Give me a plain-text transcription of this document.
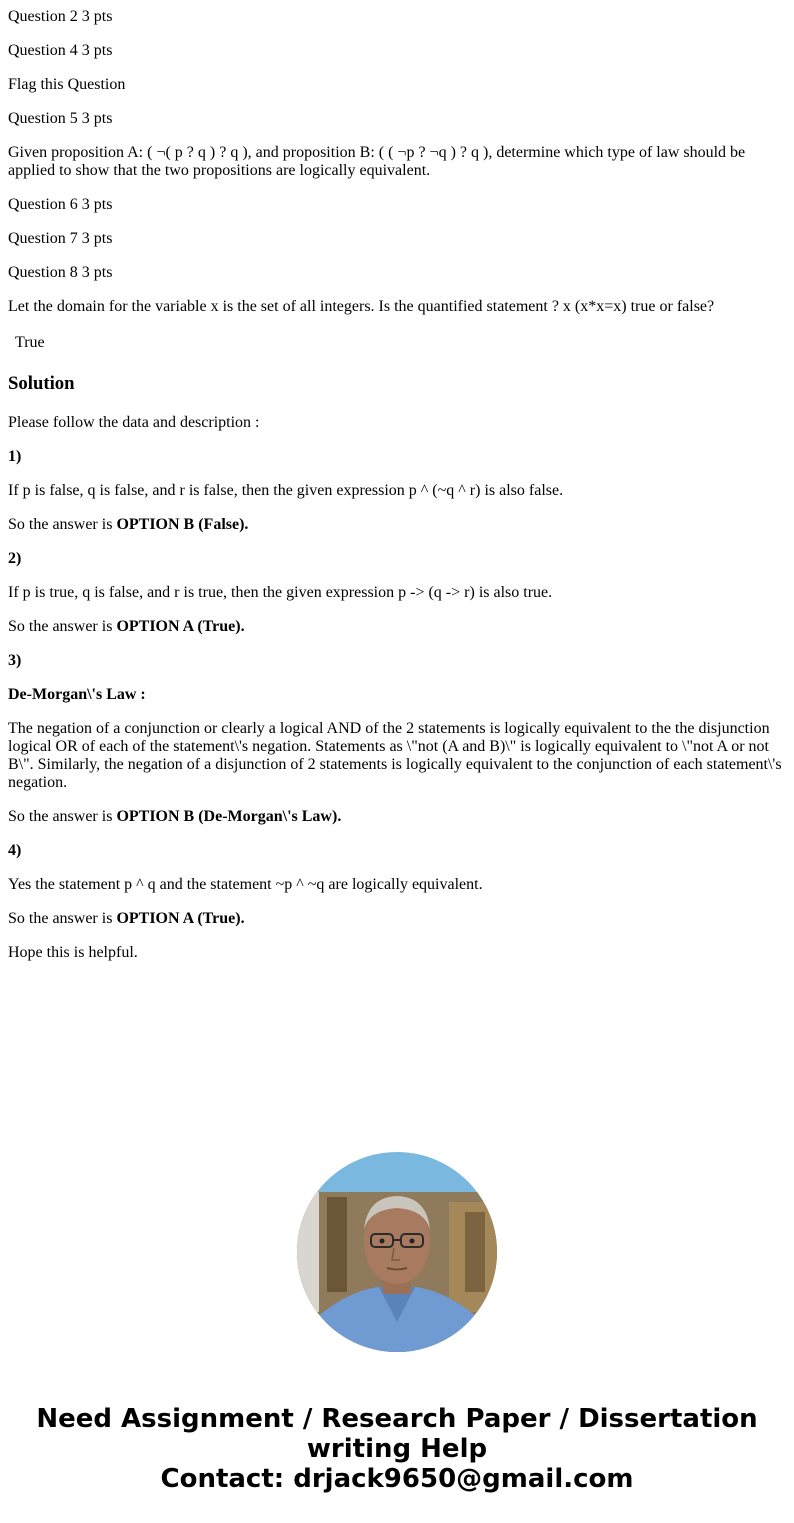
Question 2 3 pts

Question 4 3 pts

Flag this Question

Question 5 3 pts

Given proposition A: ( ¬( p ? q ) ? q ), and proposition B: ( ( ¬p ? ¬q ) ? q ), determine which type of law should be applied to show that the two propositions are logically equivalent.

Question 6 3 pts

Question 7 3 pts

Question 8 3 pts

Let the domain for the variable x is the set of all integers. Is the quantified statement ? x (x*x=x) true or false?

True
Solution

Please follow the data and description :

1)

If p is false, q is false, and r is false, then the given expression p ^ (~q ^ r) is also false.

So the answer is OPTION B (False).

2)

If p is true, q is false, and r is true, then the given expression p -> (q -> r) is also true.

So the answer is OPTION A (True).

3)

De-Morgan\'s Law :

The negation of a conjunction or clearly a logical AND of the 2 statements is logically equivalent to the the disjunction logical OR of each of the statement\'s negation. Statements as \"not (A and B)\" is logically equivalent to \"not A or not B\". Similarly, the negation of a disjunction of 2 statements is logically equivalent to the conjunction of each statement\'s negation.

So the answer is OPTION B (De-Morgan\'s Law).

4)

Yes the statement p ^ q and the statement ~p ^ ~q are logically equivalent.

So the answer is OPTION A (True).

Hope this is helpful.

Need Assignment / Research Paper / Dissertation
writing Help
Contact: drjack9650@gmail.com
